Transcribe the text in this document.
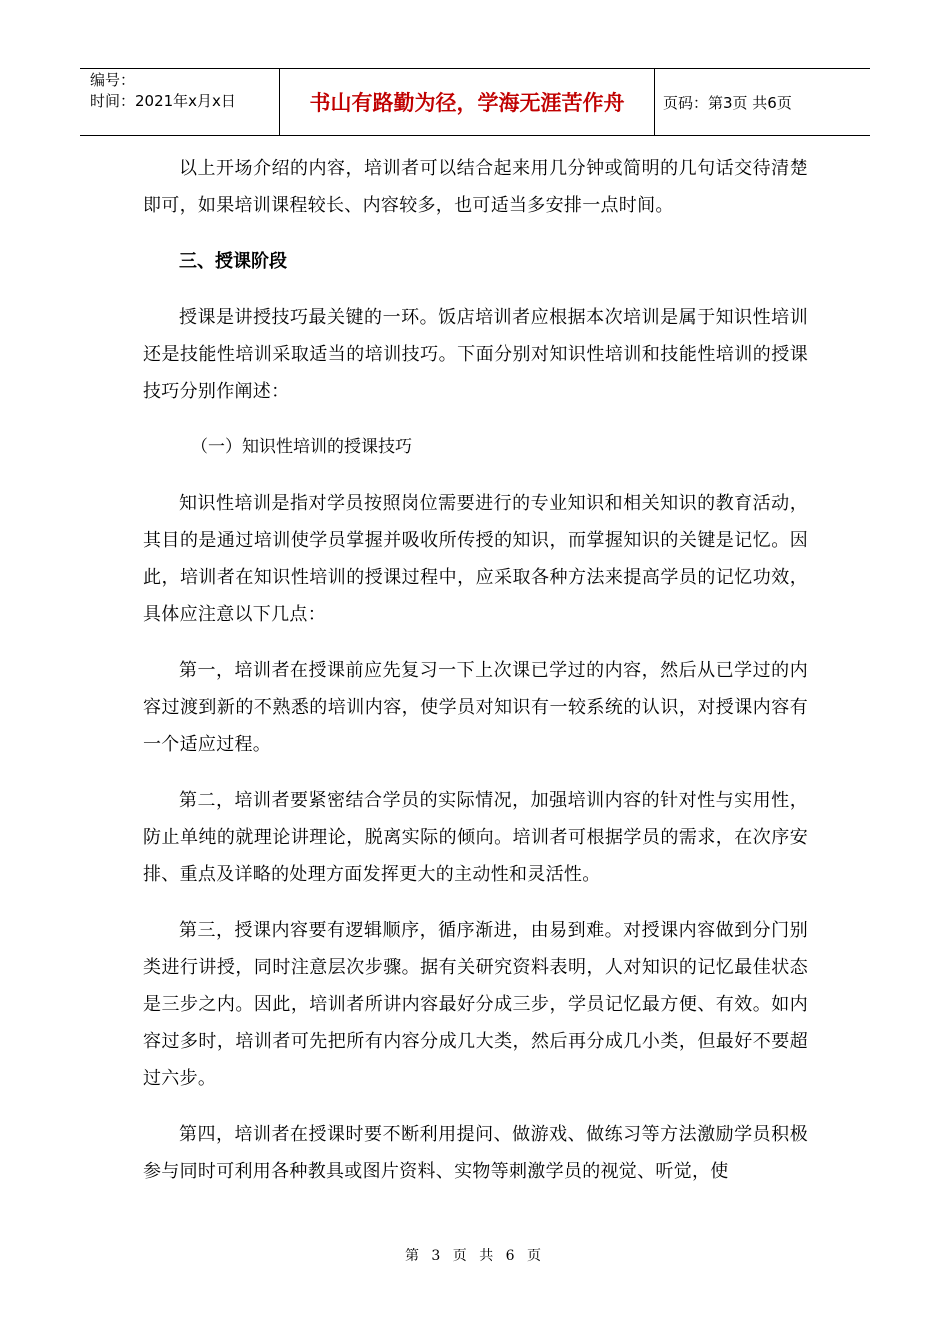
编号：
时间：2021年x月x日	书山有路勤为径，学海无涯苦作舟	页码：第3页 共6页

以上开场介绍的内容，培训者可以结合起来用几分钟或简明的几句话交待清楚即可，如果培训课程较长、内容较多，也可适当多安排一点时间。

三、授课阶段

授课是讲授技巧最关键的一环。饭店培训者应根据本次培训是属于知识性培训还是技能性培训采取适当的培训技巧。下面分别对知识性培训和技能性培训的授课技巧分别作阐述：

（一）知识性培训的授课技巧

知识性培训是指对学员按照岗位需要进行的专业知识和相关知识的教育活动，其目的是通过培训使学员掌握并吸收所传授的知识，而掌握知识的关键是记忆。因此，培训者在知识性培训的授课过程中，应采取各种方法来提高学员的记忆功效，具体应注意以下几点：

第一，培训者在授课前应先复习一下上次课已学过的内容，然后从已学过的内容过渡到新的不熟悉的培训内容，使学员对知识有一较系统的认识，对授课内容有一个适应过程。

第二，培训者要紧密结合学员的实际情况，加强培训内容的针对性与实用性，防止单纯的就理论讲理论，脱离实际的倾向。培训者可根据学员的需求，在次序安排、重点及详略的处理方面发挥更大的主动性和灵活性。

第三，授课内容要有逻辑顺序，循序渐进，由易到难。对授课内容做到分门别类进行讲授，同时注意层次步骤。据有关研究资料表明，人对知识的记忆最佳状态是三步之内。因此，培训者所讲内容最好分成三步，学员记忆最方便、有效。如内容过多时，培训者可先把所有内容分成几大类，然后再分成几小类，但最好不要超过六步。

第四，培训者在授课时要不断利用提问、做游戏、做练习等方法激励学员积极参与同时可利用各种教具或图片资料、实物等刺激学员的视觉、听觉，使

第 3 页 共 6 页
